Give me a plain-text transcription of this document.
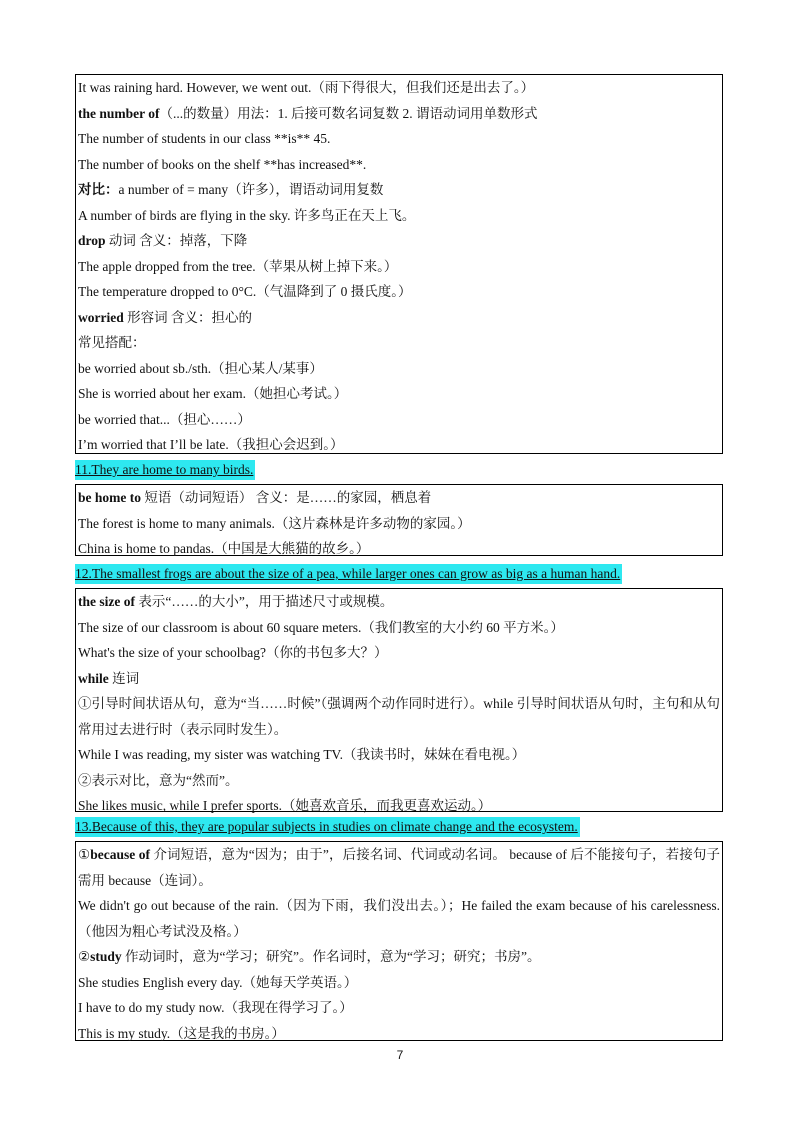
It was raining hard. However, we went out.（雨下得很大，但我们还是出去了。）
the number of（...的数量）用法：1. 后接可数名词复数 2. 谓语动词用单数形式
The number of students in our class **is** 45.
The number of books on the shelf **has increased**.
对比：a number of = many（许多），谓语动词用复数
A number of birds are flying in the sky. 许多鸟正在天上飞。
drop 动词 含义：掉落，下降
The apple dropped from the tree.（苹果从树上掉下来。）
The temperature dropped to 0°C.（气温降到了 0 摄氏度。）
worried 形容词 含义：担心的
常见搭配：
be worried about sb./sth.（担心某人/某事）
She is worried about her exam.（她担心考试。）
be worried that...（担心……）
I’m worried that I’ll be late.（我担心会迟到。）
11.They are home to many birds.
be home to 短语（动词短语） 含义：是……的家园，栖息着
The forest is home to many animals.（这片森林是许多动物的家园。）
China is home to pandas.（中国是大熊猫的故乡。）
12.The smallest frogs are about the size of a pea, while larger ones can grow as big as a human hand.
the size of 表示“……的大小”，用于描述尺寸或规模。
The size of our classroom is about 60 square meters.（我们教室的大小约 60 平方米。）
What's the size of your schoolbag?（你的书包多大？）
while 连词
①引导时间状语从句，意为“当……时候”（强调两个动作同时进行）。while 引导时间状语从句时，主句和从句常用过去进行时（表示同时发生）。
While I was reading, my sister was watching TV.（我读书时，妹妹在看电视。）
②表示对比，意为“然而”。
She likes music, while I prefer sports.（她喜欢音乐，而我更喜欢运动。）
13.Because of this, they are popular subjects in studies on climate change and the ecosystem.
①because of 介词短语，意为“因为；由于”，后接名词、代词或动名词。 because of 后不能接句子，若接句子需用 because（连词）。
We didn't go out because of the rain.（因为下雨，我们没出去。）；He failed the exam because of his carelessness.（他因为粗心考试没及格。）
②study 作动词时，意为“学习；研究”。作名词时，意为“学习；研究；书房”。
She studies English every day.（她每天学英语。）
I have to do my study now.（我现在得学习了。）
This is my study.（这是我的书房。）
7
